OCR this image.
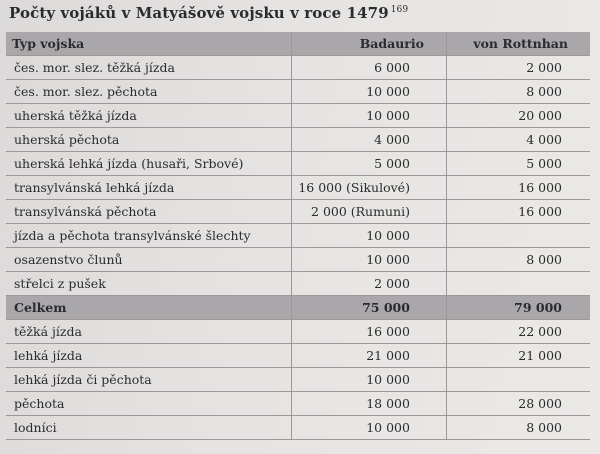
Počty vojáků v Matyášově vojsku v roce 1479 $^{169}$
Typ vojska	Badaurio	von Rottnhan
čes. mor. slez. těžká jízda	6 000	2 000
čes. mor. slez. pěchota	10 000	8 000
uherská těžká jízda	10 000	20 000
uherská pěchota	4 000	4 000
uherská lehká jízda (husaři, Srbové)	5 000	5 000
transylvánská lehká jízda	16 000 (Sikulové)	16 000
transylvánská pěchota	2 000 (Rumuni)	16 000
jízda a pěchota transylvánské šlechty	10 000	
osazenstvo člunů	10 000	8 000
střelci z pušek	2 000	
Celkem	75 000	79 000
těžká jízda	16 000	22 000
lehká jízda	21 000	21 000
lehká jízda či pěchota	10 000	
pěchota	18 000	28 000
lodníci	10 000	8 000
